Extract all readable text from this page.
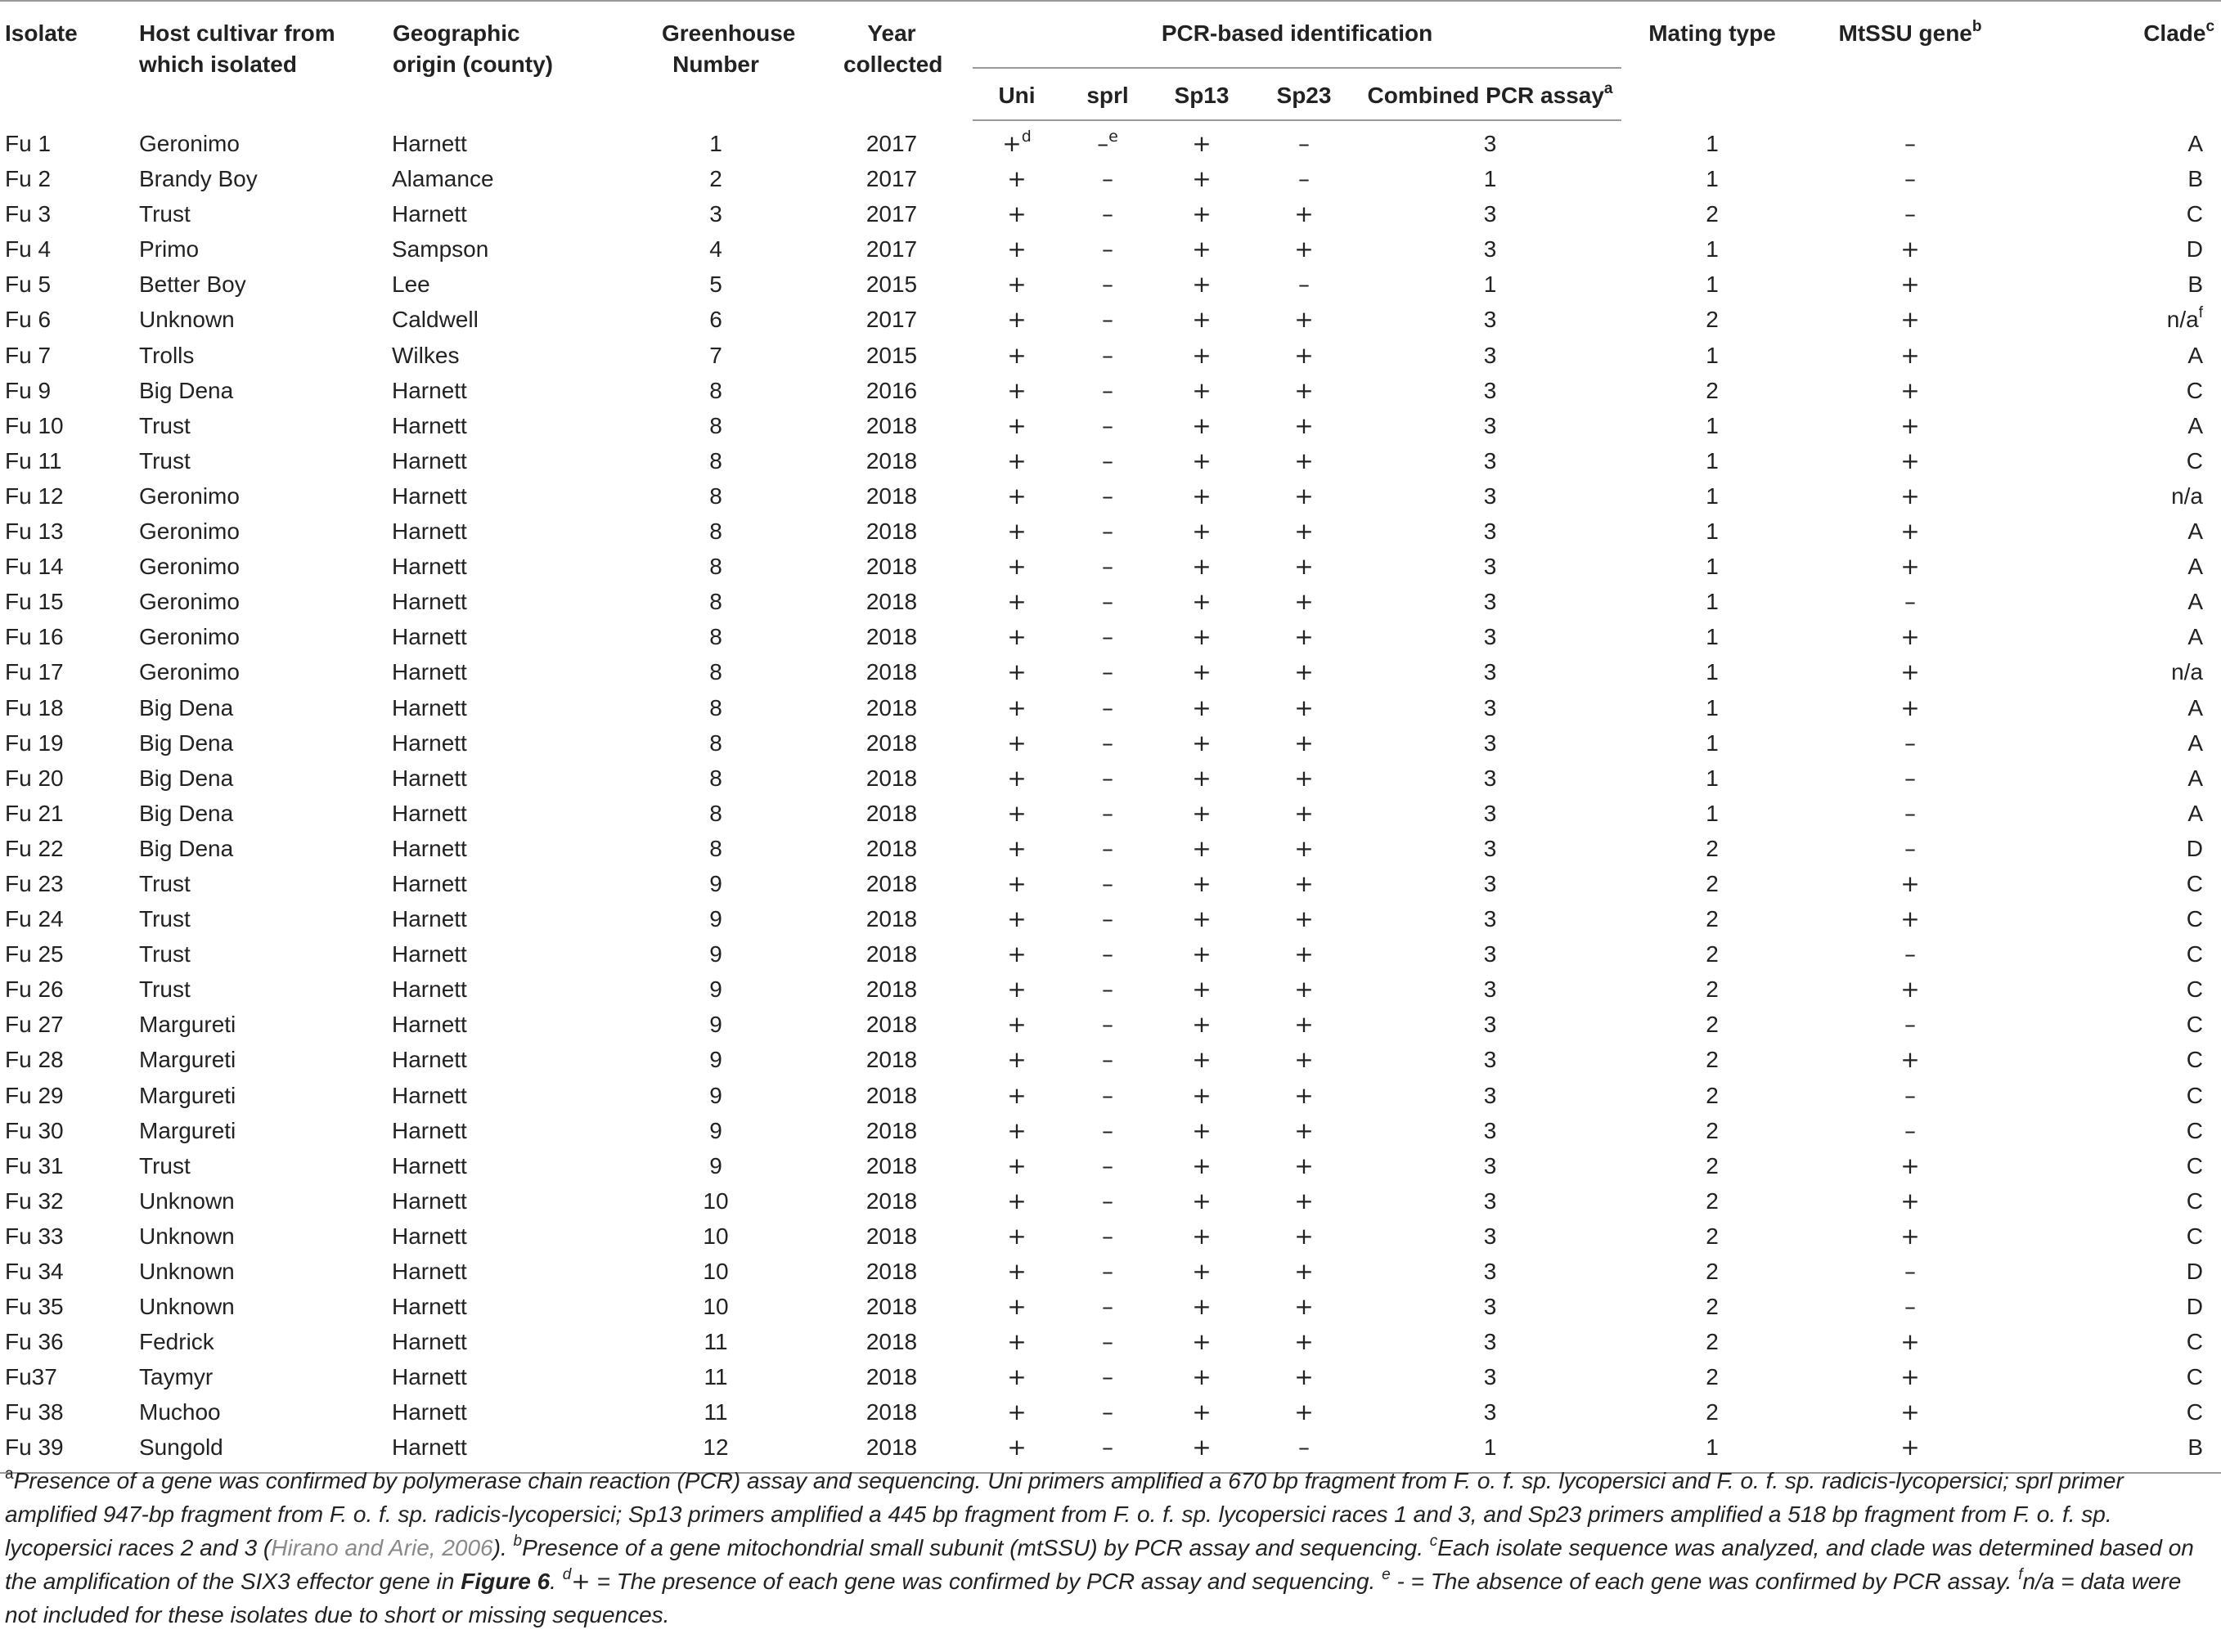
Isolate	Host cultivar from which isolated	Geographic origin (county)	Greenhouse Number	Year collected	PCR-based identification					Mating type	MtSSU gene$^b$	Clade$^c$
					Uni	sprl	Sp13	Sp23	Combined PCR assay$^a$
Fu 1	Geronimo	Harnett	1	2017	+$^d$	–$^e$	+	–	3	1	–	A
Fu 2	Brandy Boy	Alamance	2	2017	+	–	+	–	1	1	–	B
Fu 3	Trust	Harnett	3	2017	+	–	+	+	3	2	–	C
Fu 4	Primo	Sampson	4	2017	+	–	+	+	3	1	+	D
Fu 5	Better Boy	Lee	5	2015	+	–	+	–	1	1	+	B
Fu 6	Unknown	Caldwell	6	2017	+	–	+	+	3	2	+	$n/a^f$
Fu 7	Trolls	Wilkes	7	2015	+	–	+	+	3	1	+	A
Fu 9	Big Dena	Harnett	8	2016	+	–	+	+	3	2	+	C
Fu 10	Trust	Harnett	8	2018	+	–	+	+	3	1	+	A
Fu 11	Trust	Harnett	8	2018	+	–	+	+	3	1	+	C
Fu 12	Geronimo	Harnett	8	2018	+	–	+	+	3	1	+	n/a
Fu 13	Geronimo	Harnett	8	2018	+	–	+	+	3	1	+	A
Fu 14	Geronimo	Harnett	8	2018	+	–	+	+	3	1	+	A
Fu 15	Geronimo	Harnett	8	2018	+	–	+	+	3	1	–	A
Fu 16	Geronimo	Harnett	8	2018	+	–	+	+	3	1	+	A
Fu 17	Geronimo	Harnett	8	2018	+	–	+	+	3	1	+	n/a
Fu 18	Big Dena	Harnett	8	2018	+	–	+	+	3	1	+	A
Fu 19	Big Dena	Harnett	8	2018	+	–	+	+	3	1	–	A
Fu 20	Big Dena	Harnett	8	2018	+	–	+	+	3	1	–	A
Fu 21	Big Dena	Harnett	8	2018	+	–	+	+	3	1	–	A
Fu 22	Big Dena	Harnett	8	2018	+	–	+	+	3	2	–	D
Fu 23	Trust	Harnett	9	2018	+	–	+	+	3	2	+	C
Fu 24	Trust	Harnett	9	2018	+	–	+	+	3	2	+	C
Fu 25	Trust	Harnett	9	2018	+	–	+	+	3	2	–	C
Fu 26	Trust	Harnett	9	2018	+	–	+	+	3	2	+	C
Fu 27	Margureti	Harnett	9	2018	+	–	+	+	3	2	–	C
Fu 28	Margureti	Harnett	9	2018	+	–	+	+	3	2	+	C
Fu 29	Margureti	Harnett	9	2018	+	–	+	+	3	2	–	C
Fu 30	Margureti	Harnett	9	2018	+	–	+	+	3	2	–	C
Fu 31	Trust	Harnett	9	2018	+	–	+	+	3	2	+	C
Fu 32	Unknown	Harnett	10	2018	+	–	+	+	3	2	+	C
Fu 33	Unknown	Harnett	10	2018	+	–	+	+	3	2	+	C
Fu 34	Unknown	Harnett	10	2018	+	–	+	+	3	2	–	D
Fu 35	Unknown	Harnett	10	2018	+	–	+	+	3	2	–	D
Fu 36	Fedrick	Harnett	11	2018	+	–	+	+	3	2	+	C
Fu37	Taymyr	Harnett	11	2018	+	–	+	+	3	2	+	C
Fu 38	Muchoo	Harnett	11	2018	+	–	+	+	3	2	+	C
Fu 39	Sungold	Harnett	12	2018	+	–	+	–	1	1	+	B
$^a$Presence of a gene was confirmed by polymerase chain reaction (PCR) assay and sequencing. Uni primers amplified a 670 bp fragment from F. o. f. sp. lycopersici and F. o. f. sp. radicis-lycopersici; sprl primer amplified 947-bp fragment from F. o. f. sp. radicis-lycopersici; Sp13 primers amplified a 445 bp fragment from F. o. f. sp. lycopersici races 1 and 3, and Sp23 primers amplified a 518 bp fragment from F. o. f. sp. lycopersici races 2 and 3 (Hirano and Arie, 2006). $^b$Presence of a gene mitochondrial small subunit (mtSSU) by PCR assay and sequencing. $^c$Each isolate sequence was analyzed, and clade was determined based on the amplification of the SIX3 effector gene in Figure 6. $^d$+ = The presence of each gene was confirmed by PCR assay and sequencing. $^e$ - = The absence of each gene was confirmed by PCR assay. $^f$n/a = data were not included for these isolates due to short or missing sequences.
